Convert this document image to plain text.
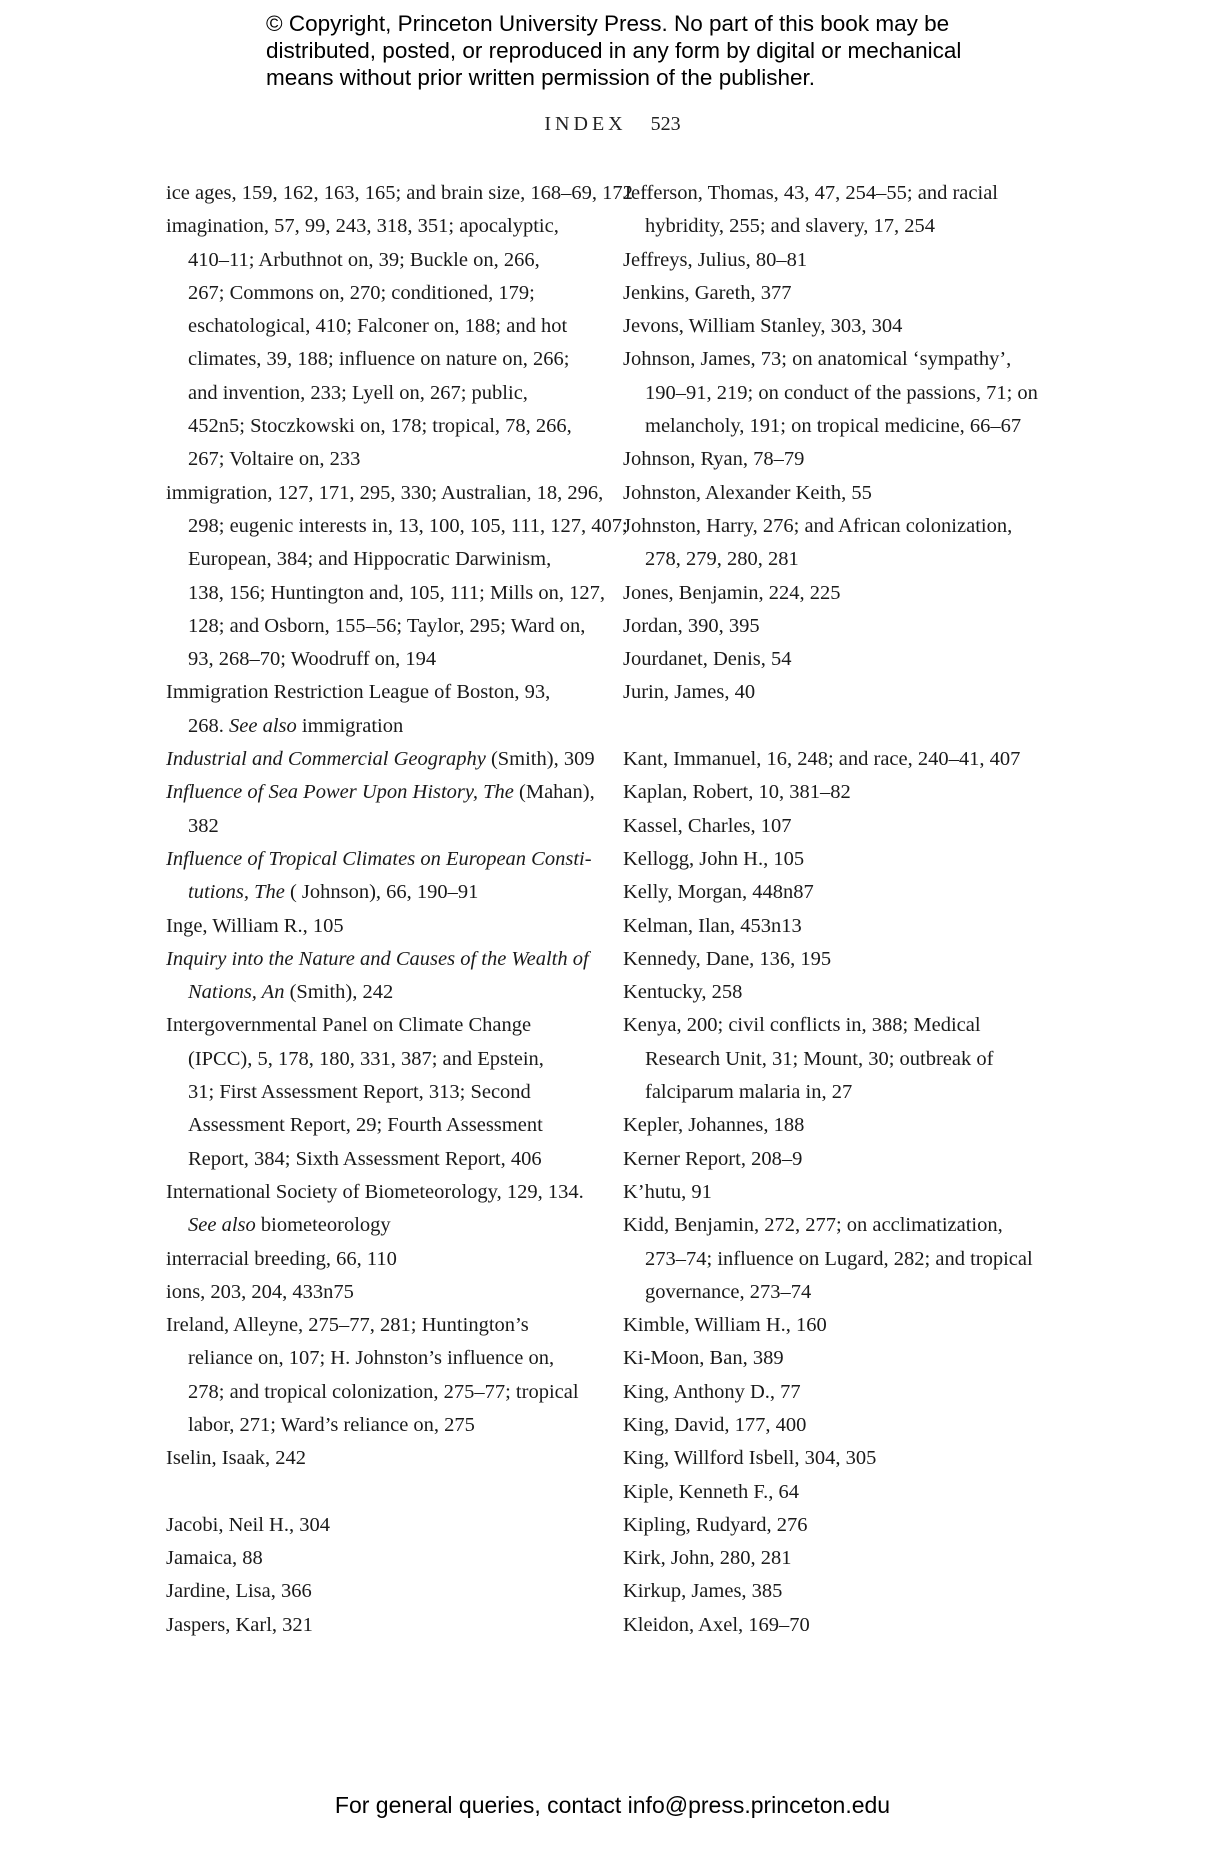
© Copyright, Princeton University Press. No part of this book may be
distributed, posted, or reproduced in any form by digital or mechanical
means without prior written permission of the publisher.
INDEX 523
ice ages, 159, 162, 163, 165; and brain size, 168–69, 172
imagination, 57, 99, 243, 318, 351; apocalyptic,
410–11; Arbuthnot on, 39; Buckle on, 266,
267; Commons on, 270; conditioned, 179;
eschatological, 410; Falconer on, 188; and hot
climates, 39, 188; influence on nature on, 266;
and invention, 233; Lyell on, 267; public,
452n5; Stoczkowski on, 178; tropical, 78, 266,
267; Voltaire on, 233
immigration, 127, 171, 295, 330; Australian, 18, 296,
298; eugenic interests in, 13, 100, 105, 111, 127, 407;
European, 384; and Hippocratic Darwinism,
138, 156; Huntington and, 105, 111; Mills on, 127,
128; and Osborn, 155–56; Taylor, 295; Ward on,
93, 268–70; Woodruff on, 194
Immigration Restriction League of Boston, 93,
268. See also immigration
Industrial and Commercial Geography (Smith), 309
Influence of Sea Power Upon History, The (Mahan),
382
Influence of Tropical Climates on European Consti-
tutions, The ( Johnson), 66, 190–91
Inge, William R., 105
Inquiry into the Nature and Causes of the Wealth of
Nations, An (Smith), 242
Intergovernmental Panel on Climate Change
(IPCC), 5, 178, 180, 331, 387; and Epstein,
31; First Assessment Report, 313; Second
Assessment Report, 29; Fourth Assessment
Report, 384; Sixth Assessment Report, 406
International Society of Biometeorology, 129, 134.
See also biometeorology
interracial breeding, 66, 110
ions, 203, 204, 433n75
Ireland, Alleyne, 275–77, 281; Huntington’s
reliance on, 107; H. Johnston’s influence on,
278; and tropical colonization, 275–77; tropical
labor, 271; Ward’s reliance on, 275
Iselin, Isaak, 242
Jacobi, Neil H., 304
Jamaica, 88
Jardine, Lisa, 366
Jaspers, Karl, 321
Jefferson, Thomas, 43, 47, 254–55; and racial
hybridity, 255; and slavery, 17, 254
Jeffreys, Julius, 80–81
Jenkins, Gareth, 377
Jevons, William Stanley, 303, 304
Johnson, James, 73; on anatomical ‘sympathy’,
190–91, 219; on conduct of the passions, 71; on
melancholy, 191; on tropical medicine, 66–67
Johnson, Ryan, 78–79
Johnston, Alexander Keith, 55
Johnston, Harry, 276; and African colonization,
278, 279, 280, 281
Jones, Benjamin, 224, 225
Jordan, 390, 395
Jourdanet, Denis, 54
Jurin, James, 40
Kant, Immanuel, 16, 248; and race, 240–41, 407
Kaplan, Robert, 10, 381–82
Kassel, Charles, 107
Kellogg, John H., 105
Kelly, Morgan, 448n87
Kelman, Ilan, 453n13
Kennedy, Dane, 136, 195
Kentucky, 258
Kenya, 200; civil conflicts in, 388; Medical
Research Unit, 31; Mount, 30; outbreak of
falciparum malaria in, 27
Kepler, Johannes, 188
Kerner Report, 208–9
K’hutu, 91
Kidd, Benjamin, 272, 277; on acclimatization,
273–74; influence on Lugard, 282; and tropical
governance, 273–74
Kimble, William H., 160
Ki-Moon, Ban, 389
King, Anthony D., 77
King, David, 177, 400
King, Willford Isbell, 304, 305
Kiple, Kenneth F., 64
Kipling, Rudyard, 276
Kirk, John, 280, 281
Kirkup, James, 385
Kleidon, Axel, 169–70
For general queries, contact info@press.princeton.edu
